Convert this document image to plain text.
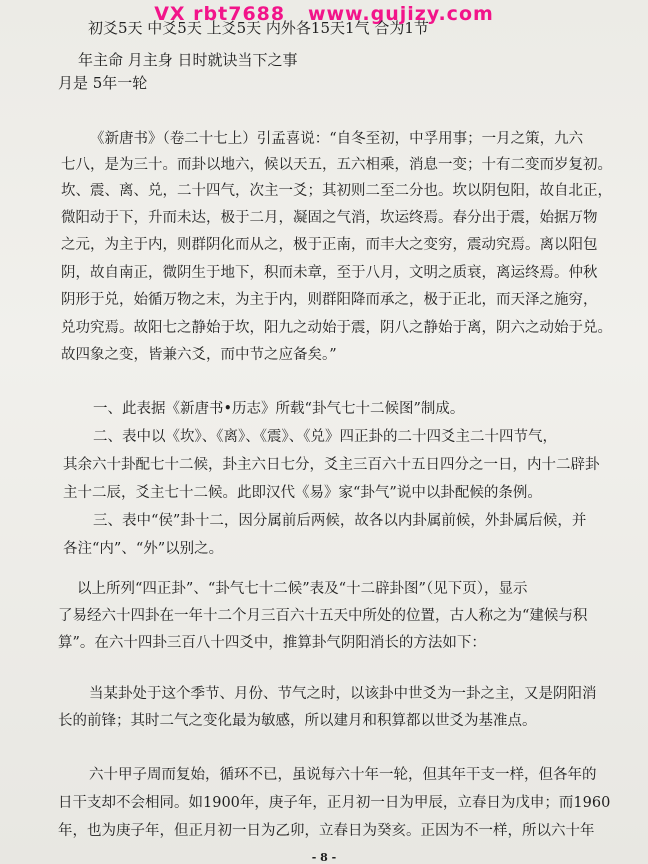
VX rbt7688   www.gujizy.com
初爻5天 中爻5天 上爻5天 内外各15天1气 合为1节
年主命 月主身 日时就诀当下之事
月是 5年一轮
《新唐书》（卷二十七上）引孟喜说：“自冬至初，中孚用事；一月之策，九六
七八，是为三十。而卦以地六，候以天五，五六相乘，消息一变；十有二变而岁复初。
坎、震、离、兑，二十四气，次主一爻；其初则二至二分也。坎以阴包阳，故自北正，
微阳动于下，升而未达，极于二月，凝固之气消，坎运终焉。春分出于震，始据万物
之元，为主于内，则群阴化而从之，极于正南，而丰大之变穷，震动究焉。离以阳包
阴，故自南正，微阴生于地下，积而未章，至于八月，文明之质衰，离运终焉。仲秋
阴形于兑，始循万物之末，为主于内，则群阳降而承之，极于正北，而天泽之施穷，
兑功究焉。故阳七之静始于坎，阳九之动始于震，阴八之静始于离，阴六之动始于兑。
故四象之变，皆兼六爻，而中节之应备矣。”
一、此表据《新唐书•历志》所载“卦气七十二候图”制成。
二、表中以《坎》、《离》、《震》、《兑》四正卦的二十四爻主二十四节气，
其余六十卦配七十二候，卦主六日七分，爻主三百六十五日四分之一日，内十二辟卦
主十二辰，爻主七十二候。此即汉代《易》家“卦气”说中以卦配候的条例。
三、表中“侯”卦十二，因分属前后两候，故各以内卦属前候，外卦属后候，并
各注“内”、“外”以别之。
以上所列“四正卦”、“卦气七十二候”表及“十二辟卦图”（见下页），显示
了易经六十四卦在一年十二个月三百六十五天中所处的位置，古人称之为“建候与积
算”。在六十四卦三百八十四爻中，推算卦气阴阳消长的方法如下：
当某卦处于这个季节、月份、节气之时，以该卦中世爻为一卦之主，又是阴阳消
长的前锋；其时二气之变化最为敏感，所以建月和积算都以世爻为基准点。
六十甲子周而复始，循环不已，虽说每六十年一轮，但其年干支一样，但各年的
日干支却不会相同。如1900年，庚子年，正月初一日为甲辰，立春日为戊申；而1960
年，也为庚子年，但正月初一日为乙卯，立春日为癸亥。正因为不一样，所以六十年
- 8 -
